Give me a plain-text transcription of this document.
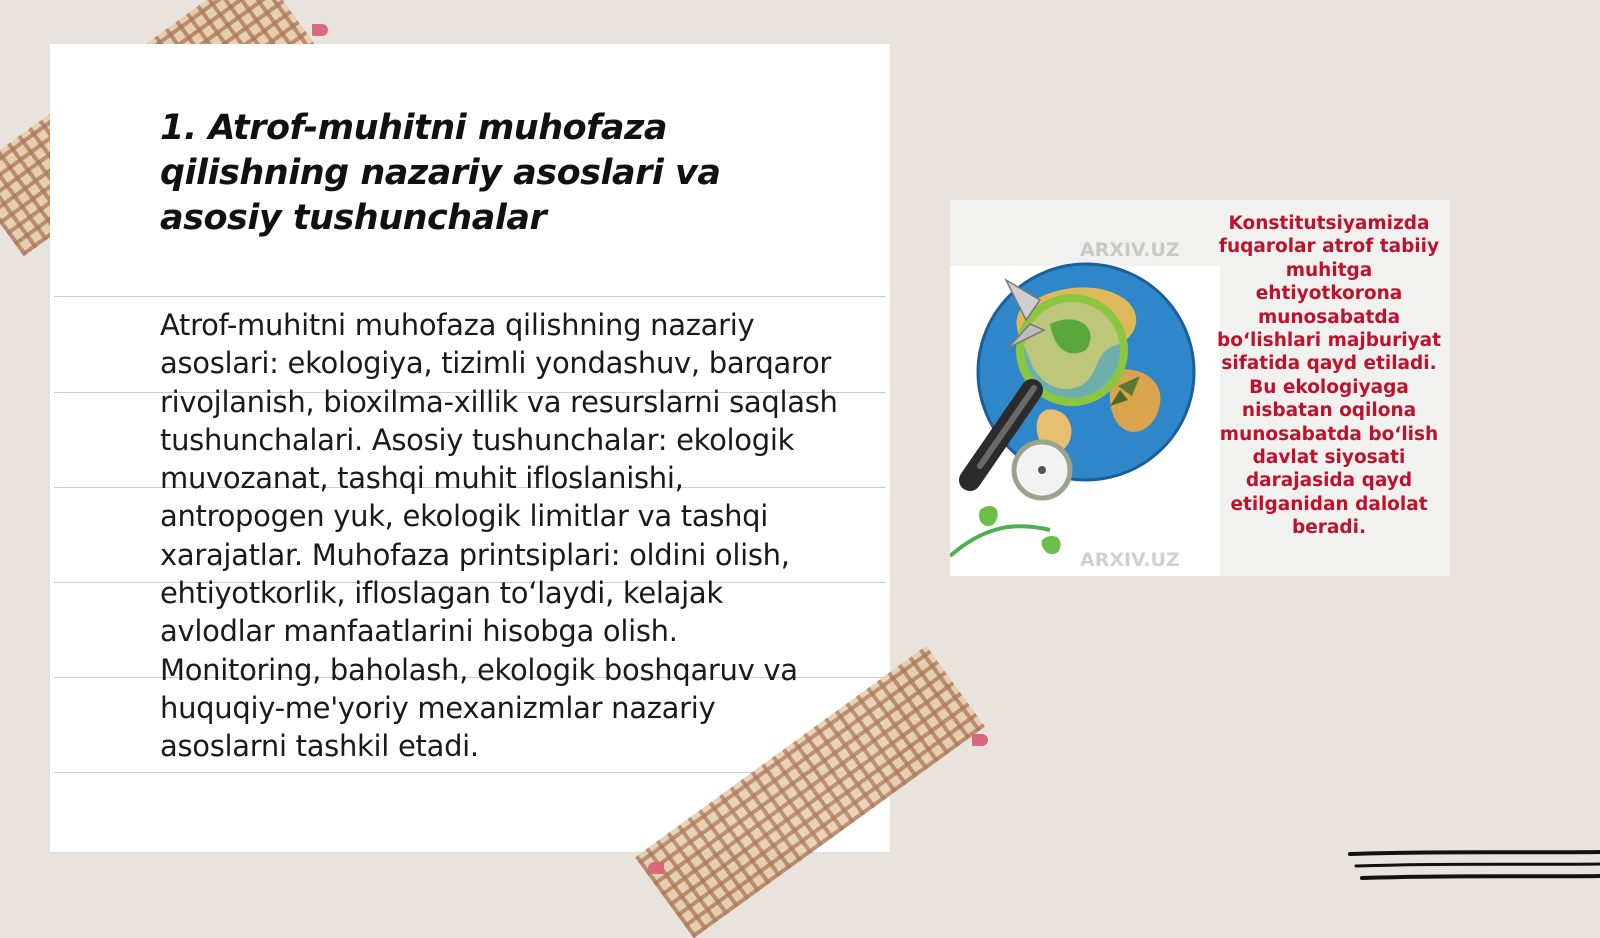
1. Atrof-muhitni muhofaza qilishning nazariy asoslari va asosiy tushunchalar
Atrof-muhitni muhofaza qilishning nazariy asoslari: ekologiya, tizimli yondashuv, barqaror rivojlanish, bioxilma-xillik va resurslarni saqlash tushunchalari. Asosiy tushunchalar: ekologik muvozanat, tashqi muhit ifloslanishi, antropogen yuk, ekologik limitlar va tashqi xarajatlar. Muhofaza printsiplari: oldini olish, ehtiyotkorlik, ifloslagan to‘laydi, kelajak avlodlar manfaatlarini hisobga olish. Monitoring, baholash, ekologik boshqaruv va huquqiy-me'yoriy mexanizmlar nazariy asoslarni tashkil etadi.
ARXIV.UZ
ARXIV.UZ
Konstitutsiyamizda fuqarolar atrof tabiiy muhitga ehtiyotkorona munosabatda bo‘lishlari majburiyat sifatida qayd etiladi. Bu ekologiyaga nisbatan oqilona munosabatda bo‘lish davlat siyosati darajasida qayd etilganidan dalolat beradi.
